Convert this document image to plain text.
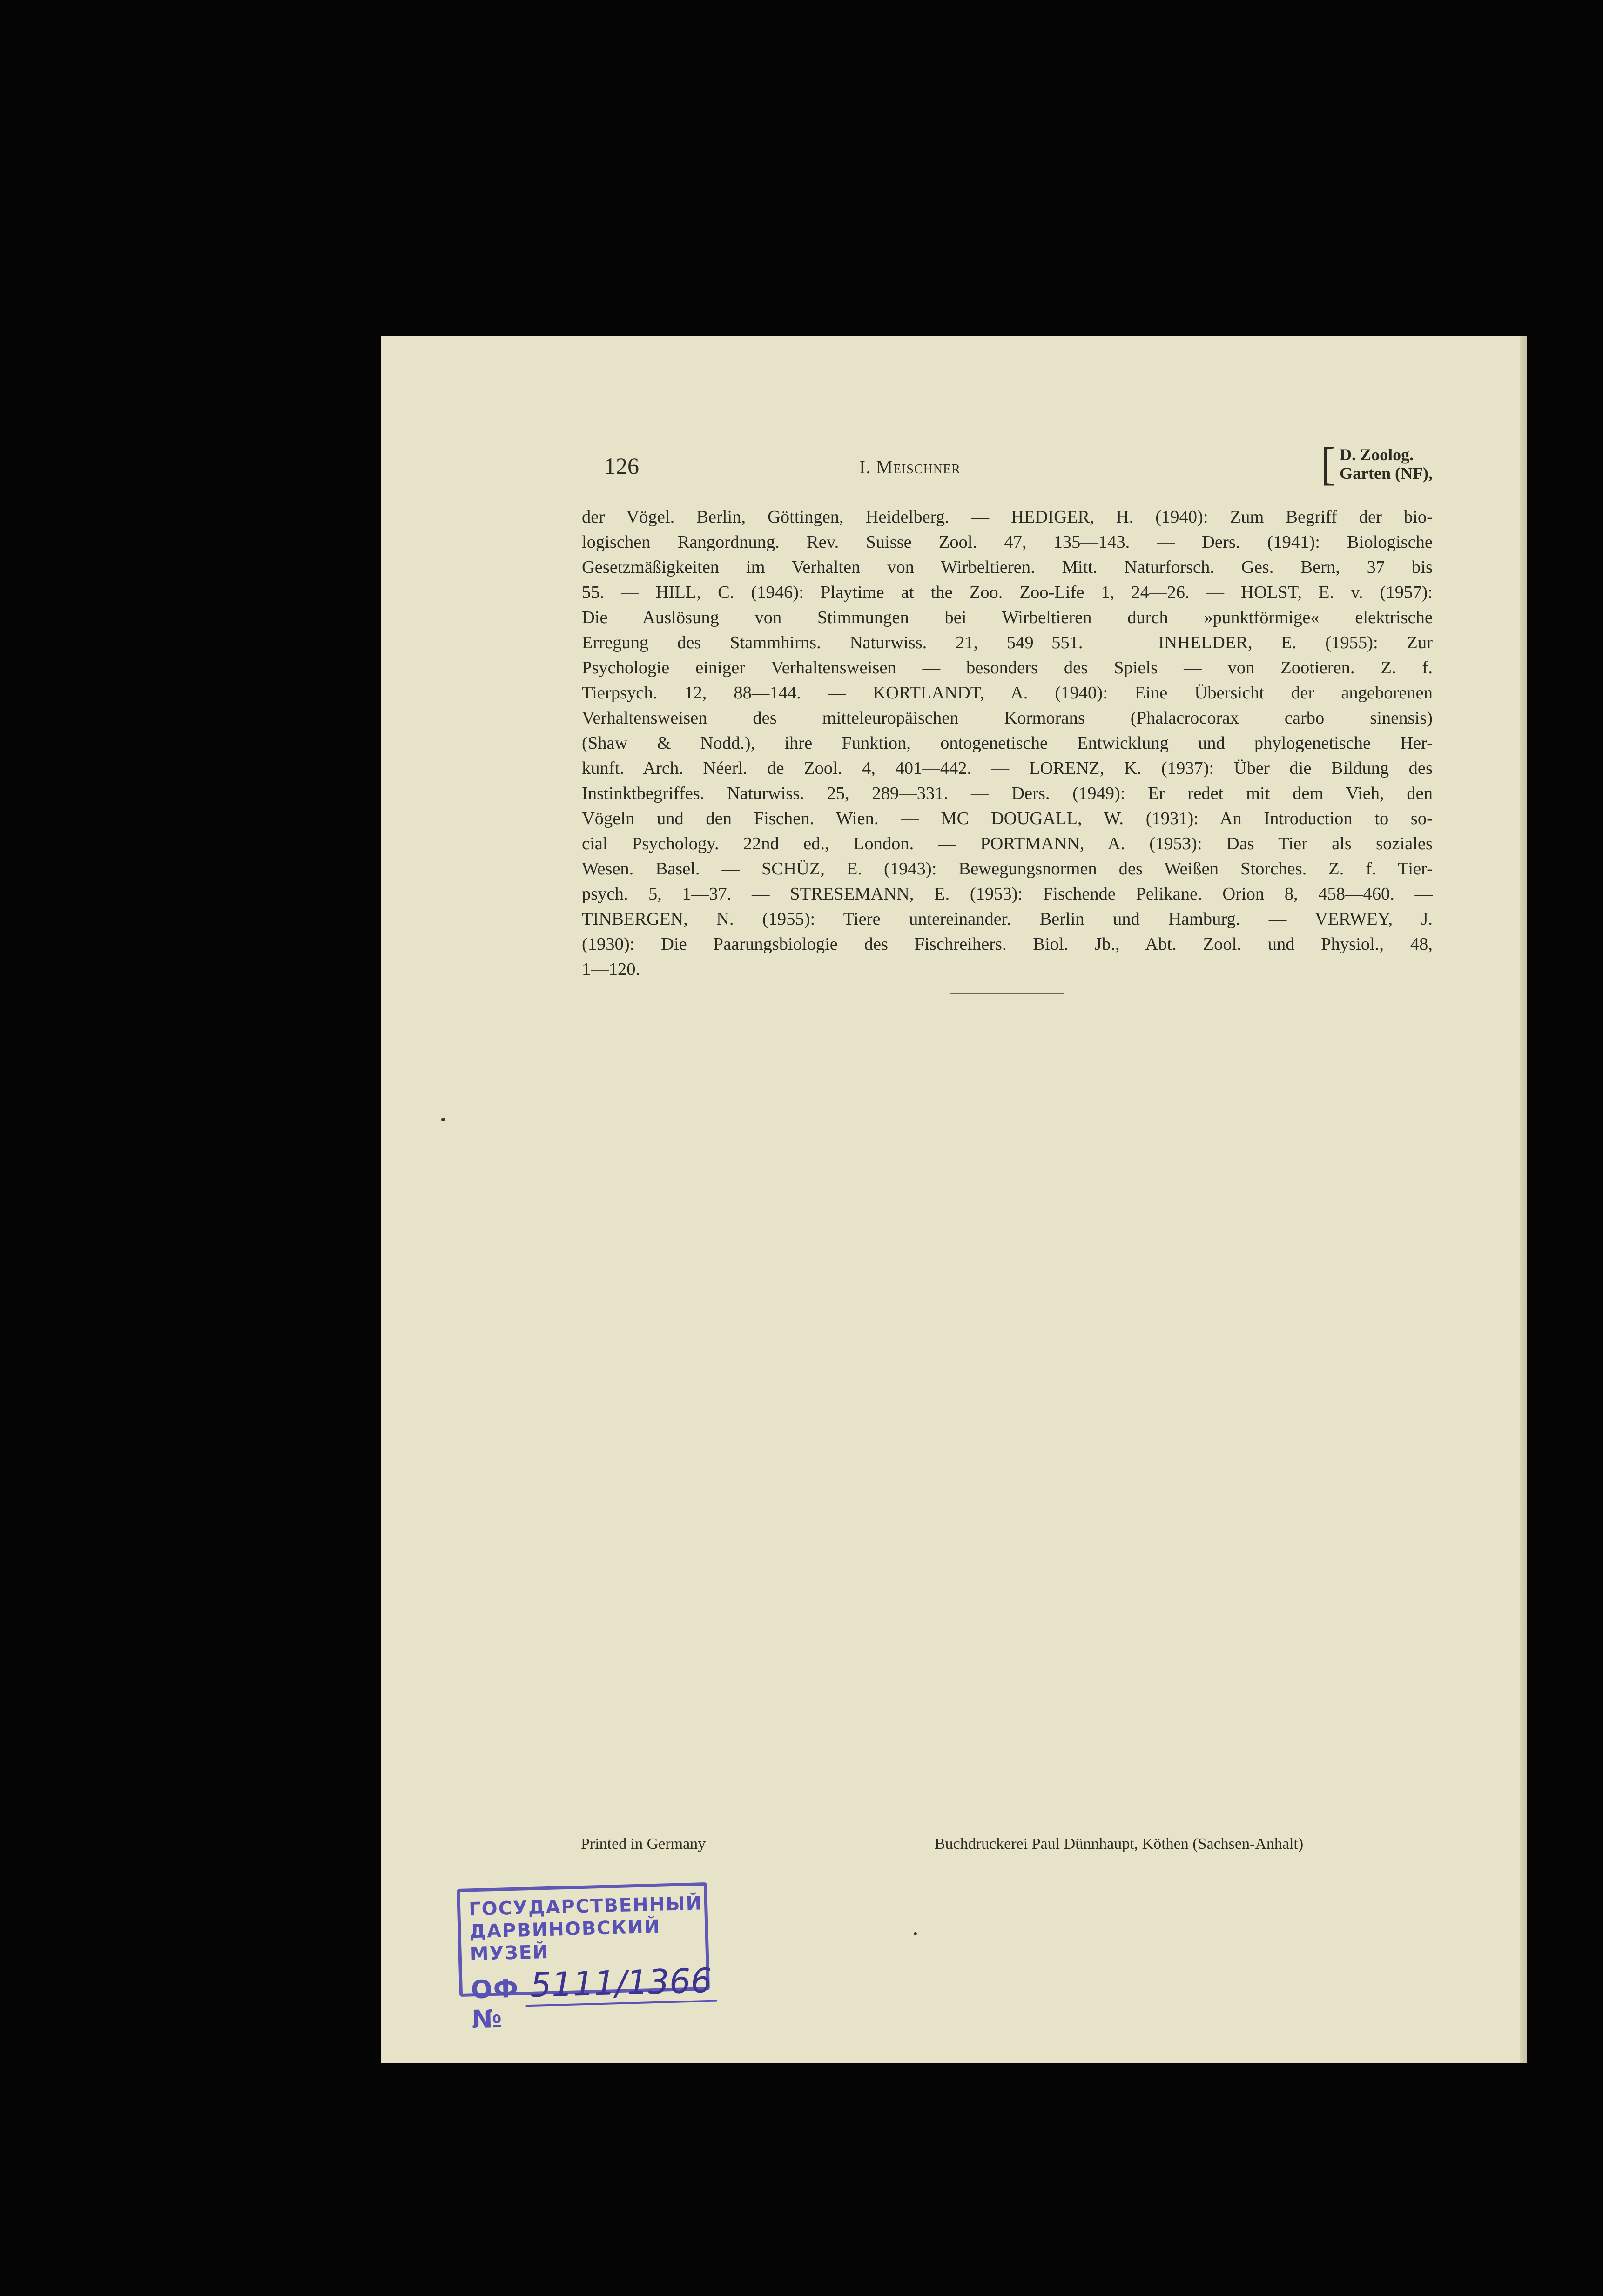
126	I. Meischner	[ D. Zoolog.
Garten (NF),
der Vögel. Berlin, Göttingen, Heidelberg. — HEDIGER, H. (1940): Zum Begriff der bio-
logischen Rangordnung. Rev. Suisse Zool. 47, 135—143. — Ders. (1941): Biologische
Gesetzmäßigkeiten im Verhalten von Wirbeltieren. Mitt. Naturforsch. Ges. Bern, 37 bis
55. — HILL, C. (1946): Playtime at the Zoo. Zoo-Life 1, 24—26. — HOLST, E. v. (1957):
Die Auslösung von Stimmungen bei Wirbeltieren durch »punktförmige« elektrische
Erregung des Stammhirns. Naturwiss. 21, 549—551. — INHELDER, E. (1955): Zur
Psychologie einiger Verhaltensweisen — besonders des Spiels — von Zootieren. Z. f.
Tierpsych. 12, 88—144. — KORTLANDT, A. (1940): Eine Übersicht der angeborenen
Verhaltensweisen des mitteleuropäischen Kormorans (Phalacrocorax carbo sinensis)
(Shaw & Nodd.), ihre Funktion, ontogenetische Entwicklung und phylogenetische Her-
kunft. Arch. Néerl. de Zool. 4, 401—442. — LORENZ, K. (1937): Über die Bildung des
Instinktbegriffes. Naturwiss. 25, 289—331. — Ders. (1949): Er redet mit dem Vieh, den
Vögeln und den Fischen. Wien. — MC DOUGALL, W. (1931): An Introduction to so-
cial Psychology. 22nd ed., London. — PORTMANN, A. (1953): Das Tier als soziales
Wesen. Basel. — SCHÜZ, E. (1943): Bewegungsnormen des Weißen Storches. Z. f. Tier-
psych. 5, 1—37. — STRESEMANN, E. (1953): Fischende Pelikane. Orion 8, 458—460. —
TINBERGEN, N. (1955): Tiere untereinander. Berlin und Hamburg. — VERWEY, J.
(1930): Die Paarungsbiologie des Fischreihers. Biol. Jb., Abt. Zool. und Physiol., 48,
1—120.
Printed in Germany	Buchdruckerei Paul Dünnhaupt, Köthen (Sachsen-Anhalt)
ГОСУДАРСТВЕННЫЙ
ДАРВИНОВСКИЙ МУЗЕЙ
ОФ №
5111/1366
